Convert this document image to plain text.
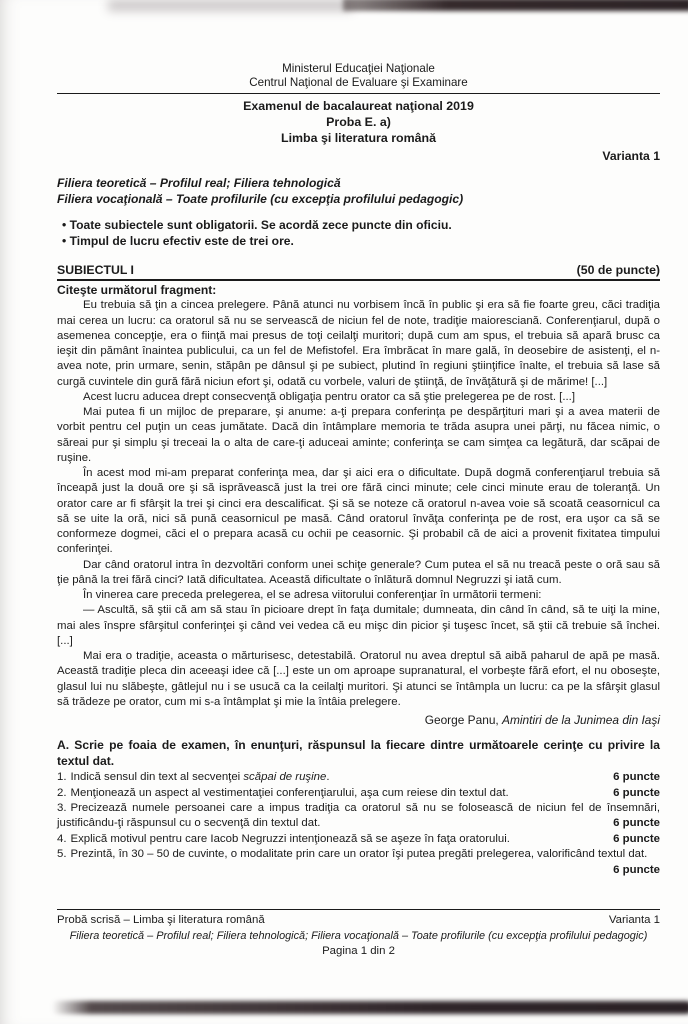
Ministerul Educaţiei Naţionale
Centrul Naţional de Evaluare şi Examinare
Examenul de bacalaureat naţional 2019
Proba E. a)
Limba şi literatura română
Varianta 1
Filiera teoretică – Profilul real; Filiera tehnologică
Filiera vocaţională – Toate profilurile (cu excepţia profilului pedagogic)
• Toate subiectele sunt obligatorii. Se acordă zece puncte din oficiu.
• Timpul de lucru efectiv este de trei ore.
SUBIECTUL I	(50 de puncte)
Citeşte următorul fragment:

Eu trebuia să ţin a cincea prelegere. Până atunci nu vorbisem încă în public şi era să fie foarte greu, căci tradiţia mai cerea un lucru: ca oratorul să nu se servească de niciun fel de note, tradiţie maioresciană. Conferenţiarul, după o asemenea concepţie, era o fiinţă mai presus de toţi ceilalţi muritori; după cum am spus, el trebuia să apară brusc ca ieşit din pământ înaintea publicului, ca un fel de Mefistofel. Era îmbrăcat în mare gală, în deosebire de asistenţi, el n-avea note, prin urmare, senin, stăpân pe dânsul şi pe subiect, plutind în regiuni ştiinţifice înalte, el trebuia să lase să curgă cuvintele din gură fără niciun efort şi, odată cu vorbele, valuri de ştiinţă, de învăţătură şi de mărime! [...]

Acest lucru aducea drept consecvenţă obligaţia pentru orator ca să ştie prelegerea pe de rost. [...]

Mai putea fi un mijloc de preparare, şi anume: a-ţi prepara conferinţa pe despărţituri mari şi a avea materii de vorbit pentru cel puţin un ceas jumătate. Dacă din întâmplare memoria te trăda asupra unei părţi, nu făcea nimic, o săreai pur şi simplu şi treceai la o alta de care-ţi aduceai aminte; conferinţa se cam simţea ca legătură, dar scăpai de ruşine.

În acest mod mi-am preparat conferinţa mea, dar şi aici era o dificultate. După dogmă conferenţiarul trebuia să înceapă just la două ore şi să isprăvească just la trei ore fără cinci minute; cele cinci minute erau de toleranţă. Un orator care ar fi sfârşit la trei şi cinci era descalificat. Şi să se noteze că oratorul n-avea voie să scoată ceasornicul ca să se uite la oră, nici să pună ceasornicul pe masă. Când oratorul învăţa conferinţa pe de rost, era uşor ca să se conformeze dogmei, căci el o prepara acasă cu ochii pe ceasornic. Şi probabil că de aici a provenit fixitatea timpului conferinţei.

Dar când oratorul intra în dezvoltări conform unei schiţe generale? Cum putea el să nu treacă peste o oră sau să ţie până la trei fără cinci? Iată dificultatea. Această dificultate o înlătură domnul Negruzzi şi iată cum.

În vinerea care preceda prelegerea, el se adresa viitorului conferenţiar în următorii termeni:

— Ascultă, să ştii că am să stau în picioare drept în faţa dumitale; dumneata, din când în când, să te uiţi la mine, mai ales înspre sfârşitul conferinţei şi când vei vedea că eu mişc din picior şi tuşesc încet, să ştii că trebuie să închei. [...]

Mai era o tradiţie, aceasta o mărturisesc, detestabilă. Oratorul nu avea dreptul să aibă paharul de apă pe masă. Această tradiţie pleca din aceeaşi idee că [...] este un om aproape supranatural, el vorbeşte fără efort, el nu oboseşte, glasul lui nu slăbeşte, gâtlejul nu i se usucă ca la ceilalţi muritori. Şi atunci se întâmpla un lucru: ca pe la sfârşit glasul să trădeze pe orator, cum mi s-a întâmplat şi mie la întâia prelegere.

George Panu, Amintiri de la Junimea din Iaşi
A. Scrie pe foaia de examen, în enunţuri, răspunsul la fiecare dintre următoarele cerinţe cu privire la textul dat.
1. Indică sensul din text al secvenţei scăpai de ruşine.	6 puncte
2. Menţionează un aspect al vestimentaţiei conferenţiarului, aşa cum reiese din textul dat.	6 puncte
3. Precizează numele persoanei care a impus tradiţia ca oratorul să nu se folosească de niciun fel de însemnări, justificându-ţi răspunsul cu o secvenţă din textul dat.	6 puncte
4. Explică motivul pentru care Iacob Negruzzi intenţionează să se aşeze în faţa oratorului.	6 puncte
5. Prezintă, în 30 – 50 de cuvinte, o modalitate prin care un orator îşi putea pregăti prelegerea, valorificând textul dat.
6 puncte
Probă scrisă – Limba şi literatura română	Varianta 1
Filiera teoretică – Profilul real; Filiera tehnologică; Filiera vocaţională – Toate profilurile (cu excepţia profilului pedagogic)
Pagina 1 din 2
